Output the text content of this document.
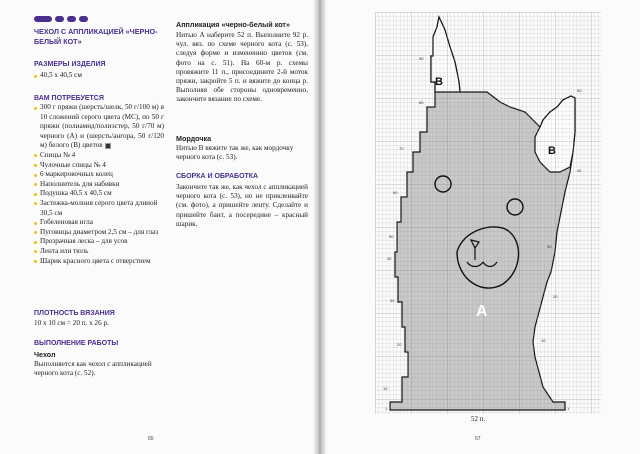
ЧЕХОЛ С АППЛИКАЦИЕЙ «ЧЕРНО-БЕЛЫЙ КОТ»
РАЗМЕРЫ ИЗДЕЛИЯ
40,5 х 40,5 см
ВАМ ПОТРЕБУЕТСЯ
300 г пряжи (шерсть/шелк, 50 г/100 м) в 10 сложений серого цвета (MC), по 50 г пряжи (полиамид/полиэстер, 50 г/70 м) черного (A) и (шерсть/ангора, 50 г/120 м) белого (B) цветов
Спицы № 4
Чулочные спицы № 4
6 маркировочных колец
Наполнитель для набивки
Подушка 40,5 х 40,5 см
Застежка-молния серого цвета длиной 30,5 см
Гобеленовая игла
Пуговицы диаметром 2,5 см – для глаз
Прозрачная леска – для усов
Лента или тюль
Шарик красного цвета с отверстием
ПЛОТНОСТЬ ВЯЗАНИЯ
10 х 10 см = 20 п. х 26 р.
ВЫПОЛНЕНИЕ РАБОТЫ
Чехол
Выполняется как чехол с аппликацией черного кота (с. 52).
65
Аппликация «черно-белый кот»
Нитью A наберите 52 п. Выполните 92 р. чул. вяз. по схеме черного кота (с. 53), следуя форме и изменению цветов (см. фото на с. 51). На 60-м р. схемы провяжите 11 п., присоедините 2-й моток пряжи, закройте 5 п. и вяжите до конца р. Выполняя обе стороны одновременно, закончите вязание по схеме.
Мордочка
Нитью B вяжите так же, как мордочку черного кота (с. 53).
СБОРКА И ОБРАБОТКА
Закончите так же, как чехол с аппликацией черного кота (с. 53), но не приклеивайте (см. фото), а пришейте ленту. Сделайте и пришейте бант, а посередине – красный шарик.
67
A
B
B
90
80
70
60
50
40
30
20
10
1
50
40
30
20
10
1
52 п.
